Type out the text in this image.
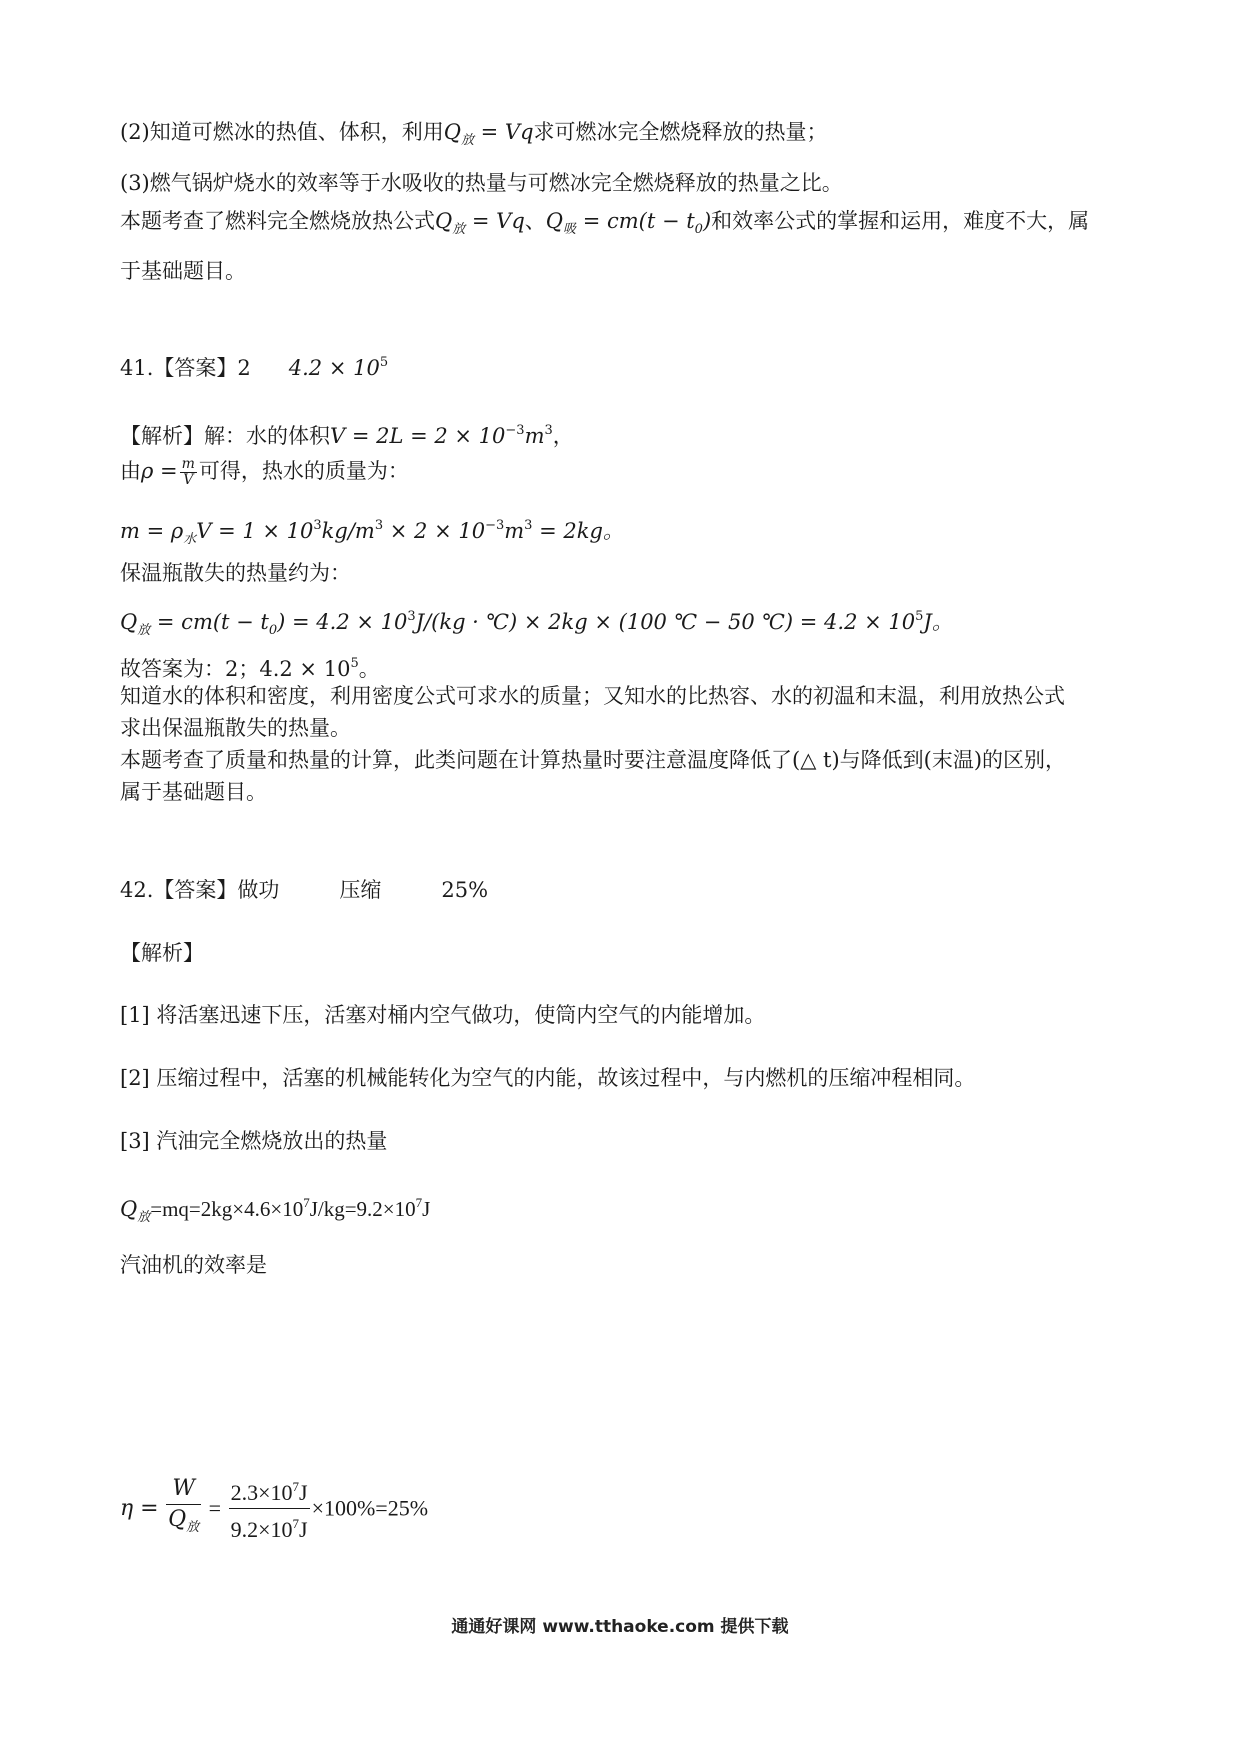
(2)知道可燃冰的热值、体积，利用$Q_放 = Vq$求可燃冰完全燃烧释放的热量；
(3)燃气锅炉烧水的效率等于水吸收的热量与可燃冰完全燃烧释放的热量之比。
本题考查了燃料完全燃烧放热公式$Q_放 = Vq$、$Q_吸 = cm(t - t_0)$和效率公式的掌握和运用，难度不大，属
于基础题目。
41.【答案】2 $4.2 \times 10^5$
【解析】解：水的体积$V = 2L = 2 \times 10^{-3}m^3$，
由$\rho = \frac{m}{V}$ 可得，热水的质量为：
$m = \rho_水V = 1 \times 10^3kg/m^3 \times 2 \times 10^{-3}m^3 = 2kg$。
保温瓶散失的热量约为：
$Q_放 = cm(t - t_0) = 4.2 \times 10^3J/(kg$ · ℃) × 2kg × (100 ℃ − 50 ℃) = $4.2 \times 10^5J$。
故答案为：2；$4.2 \times 10^5$。
知道水的体积和密度，利用密度公式可求水的质量；又知水的比热容、水的初温和末温，利用放热公式
求出保温瓶散失的热量。
本题考查了质量和热量的计算，此类问题在计算热量时要注意温度降低了(△ t)与降低到(末温)的区别，
属于基础题目。
42.【答案】做功	压缩	25%
【解析】
[1] 将活塞迅速下压，活塞对桶内空气做功，使筒内空气的内能增加。
[2] 压缩过程中，活塞的机械能转化为空气的内能，故该过程中，与内燃机的压缩冲程相同。
[3] 汽油完全燃烧放出的热量
$Q_放=mq=2kg\times 4.6\times 10^7J/kg=9.2\times 10^7J$
汽油机的效率是
$\eta = \frac{W}{Q_放} = \frac{2.3\times 10^7J}{9.2\times 10^7J} \times 100\%=25\%$
通通好课网 www.tthaoke.com 提供下载
